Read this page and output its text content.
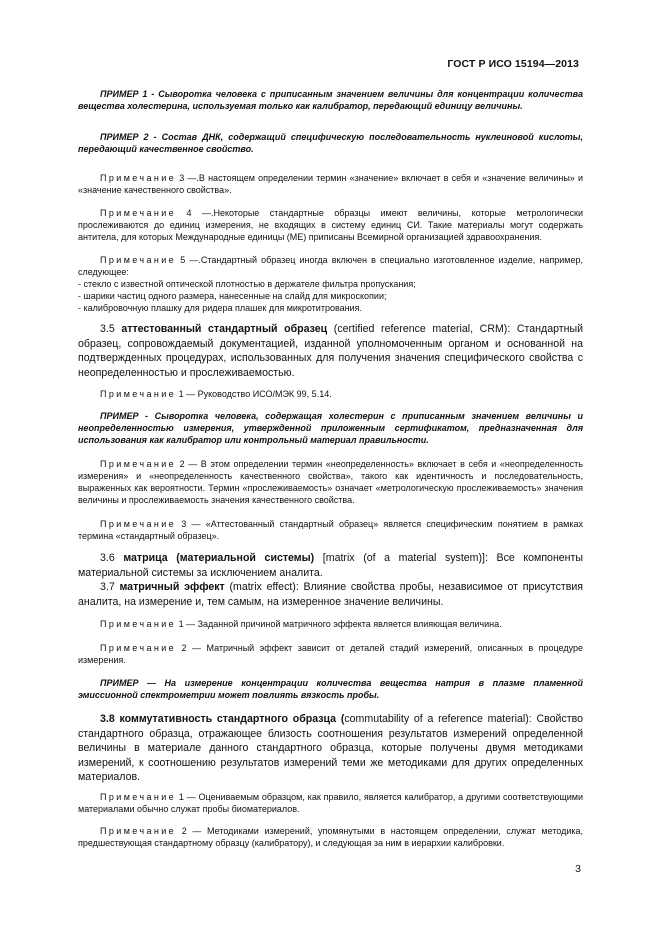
ГОСТ Р ИСО 15194—2013

ПРИМЕР 1 - Сыворотка человека с приписанным значением величины для концентрации количества вещества холестерина, используемая только как калибратор, передающий единицу величины.

ПРИМЕР 2 - Состав ДНК, содержащий специфическую последовательность нуклеиновой кислоты, передающий качественное свойство.

Примечание 3 —.В настоящем определении термин «значение» включает в себя и «значение величины» и «значение качественного свойства».

Примечание 4 —.Некоторые стандартные образцы имеют величины, которые метрологически прослеживаются до единиц измерения, не входящих в систему единиц СИ. Такие материалы могут содержать антитела, для которых Международные единицы (МЕ) приписаны Всемирной организацией здравоохранения.

Примечание 5 —.Стандартный образец иногда включен в специально изготовленное изделие, например, следующее:
- стекло с известной оптической плотностью в держателе фильтра пропускания;
- шарики частиц одного размера, нанесенные на слайд для микроскопии;
- калибровочную плашку для ридера плашек для микротитрования.

3.5 аттестованный стандартный образец (certified reference material, CRM): Стандартный образец, сопровождаемый документацией, изданной уполномоченным органом и основанной на подтвержденных процедурах, использованных для получения значения специфического свойства с неопределенностью и прослеживаемостью.

Примечание 1 — Руководство ИСО/МЭК 99, 5.14.

ПРИМЕР - Сыворотка человека, содержащая холестерин с приписанным значением величины и неопределенностью измерения, утвержденной приложенным сертификатом, предназначенная для использования как калибратор или контрольный материал правильности.

Примечание 2 — В этом определении термин «неопределенность» включает в себя и «неопределенность измерения» и «неопределенность качественного свойства», такого как идентичность и последовательность, выраженных как вероятности. Термин «прослеживаемость» означает «метрологическую прослеживаемость» значения величины и прослеживаемость значения качественного свойства.

Примечание 3 — «Аттестованный стандартный образец» является специфическим понятием в рамках термина «стандартный образец».

3.6 матрица (материальной системы) [matrix (of a material system)]: Все компоненты материальной системы за исключением аналита.

3.7 матричный эффект (matrix effect): Влияние свойства пробы, независимое от присутствия аналита, на измерение и, тем самым, на измеренное значение величины.

Примечание 1 — Заданной причиной матричного эффекта является влияющая величина.

Примечание 2 — Матричный эффект зависит от деталей стадий измерений, описанных в процедуре измерения.

ПРИМЕР — На измерение концентрации количества вещества натрия в плазме пламенной эмиссионной спектрометрии может повлиять вязкость пробы.

3.8 коммутативность стандартного образца (commutability of a reference material): Свойство стандартного образца, отражающее близость соотношения результатов измерений определенной величины в материале данного стандартного образца, которые получены двумя методиками измерений, к соотношению результатов измерений теми же методиками для других определенных материалов.

Примечание 1 — Оцениваемым образцом, как правило, является калибратор, а другими соответствующими материалами обычно служат пробы биоматериалов.

Примечание 2 — Методиками измерений, упомянутыми в настоящем определении, служат методика, предшествующая стандартному образцу (калибратору), и следующая за ним в иерархии калибровки.

3
